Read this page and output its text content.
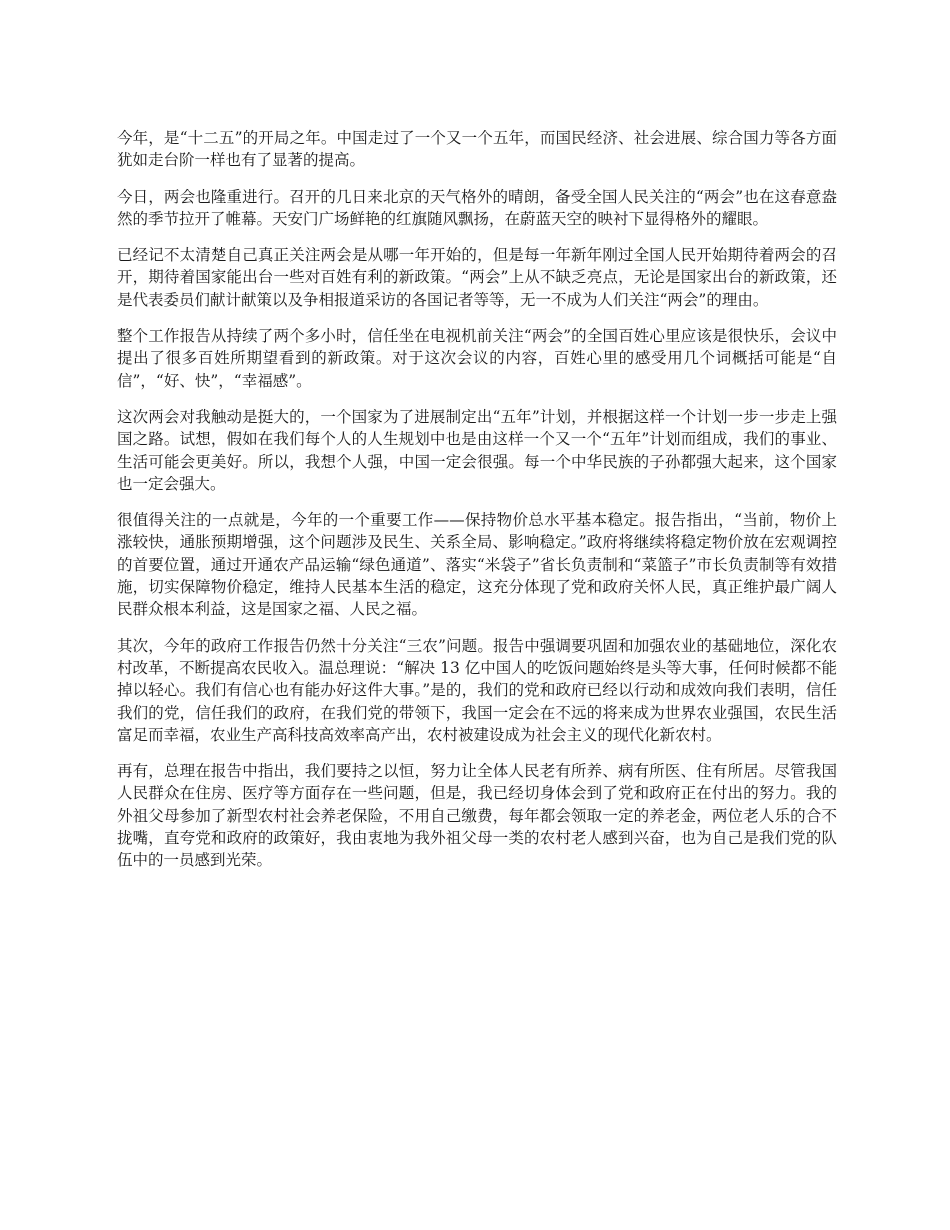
今年，是“十二五”的开局之年。中国走过了一个又一个五年，而国民经济、社会进展、综合国力等各方面犹如走台阶一样也有了显著的提高。

今日，两会也隆重进行。召开的几日来北京的天气格外的晴朗，备受全国人民关注的“两会”也在这春意盎然的季节拉开了帷幕。天安门广场鲜艳的红旗随风飘扬，在蔚蓝天空的映衬下显得格外的耀眼。

已经记不太清楚自己真正关注两会是从哪一年开始的，但是每一年新年刚过全国人民开始期待着两会的召开，期待着国家能出台一些对百姓有利的新政策。“两会”上从不缺乏亮点，无论是国家出台的新政策，还是代表委员们献计献策以及争相报道采访的各国记者等等，无一不成为人们关注“两会”的理由。

整个工作报告从持续了两个多小时，信任坐在电视机前关注“两会”的全国百姓心里应该是很快乐，会议中提出了很多百姓所期望看到的新政策。对于这次会议的内容，百姓心里的感受用几个词概括可能是“自信”，“好、快”，“幸福感”。

这次两会对我触动是挺大的，一个国家为了进展制定出“五年”计划，并根据这样一个计划一步一步走上强国之路。试想，假如在我们每个人的人生规划中也是由这样一个又一个“五年”计划而组成，我们的事业、生活可能会更美好。所以，我想个人强，中国一定会很强。每一个中华民族的子孙都强大起来，这个国家也一定会强大。

很值得关注的一点就是，今年的一个重要工作——保持物价总水平基本稳定。报告指出，“当前，物价上涨较快，通胀预期增强，这个问题涉及民生、关系全局、影响稳定。”政府将继续将稳定物价放在宏观调控的首要位置，通过开通农产品运输“绿色通道”、落实“米袋子”省长负责制和“菜篮子”市长负责制等有效措施，切实保障物价稳定，维持人民基本生活的稳定，这充分体现了党和政府关怀人民，真正维护最广阔人民群众根本利益，这是国家之福、人民之福。

其次，今年的政府工作报告仍然十分关注“三农”问题。报告中强调要巩固和加强农业的基础地位，深化农村改革，不断提高农民收入。温总理说：“解决 13 亿中国人的吃饭问题始终是头等大事，任何时候都不能掉以轻心。我们有信心也有能办好这件大事。”是的，我们的党和政府已经以行动和成效向我们表明，信任我们的党，信任我们的政府，在我们党的带领下，我国一定会在不远的将来成为世界农业强国，农民生活富足而幸福，农业生产高科技高效率高产出，农村被建设成为社会主义的现代化新农村。

再有，总理在报告中指出，我们要持之以恒，努力让全体人民老有所养、病有所医、住有所居。尽管我国人民群众在住房、医疗等方面存在一些问题，但是，我已经切身体会到了党和政府正在付出的努力。我的外祖父母参加了新型农村社会养老保险，不用自己缴费，每年都会领取一定的养老金，两位老人乐的合不拢嘴，直夸党和政府的政策好，我由衷地为我外祖父母一类的农村老人感到兴奋，也为自己是我们党的队伍中的一员感到光荣。
